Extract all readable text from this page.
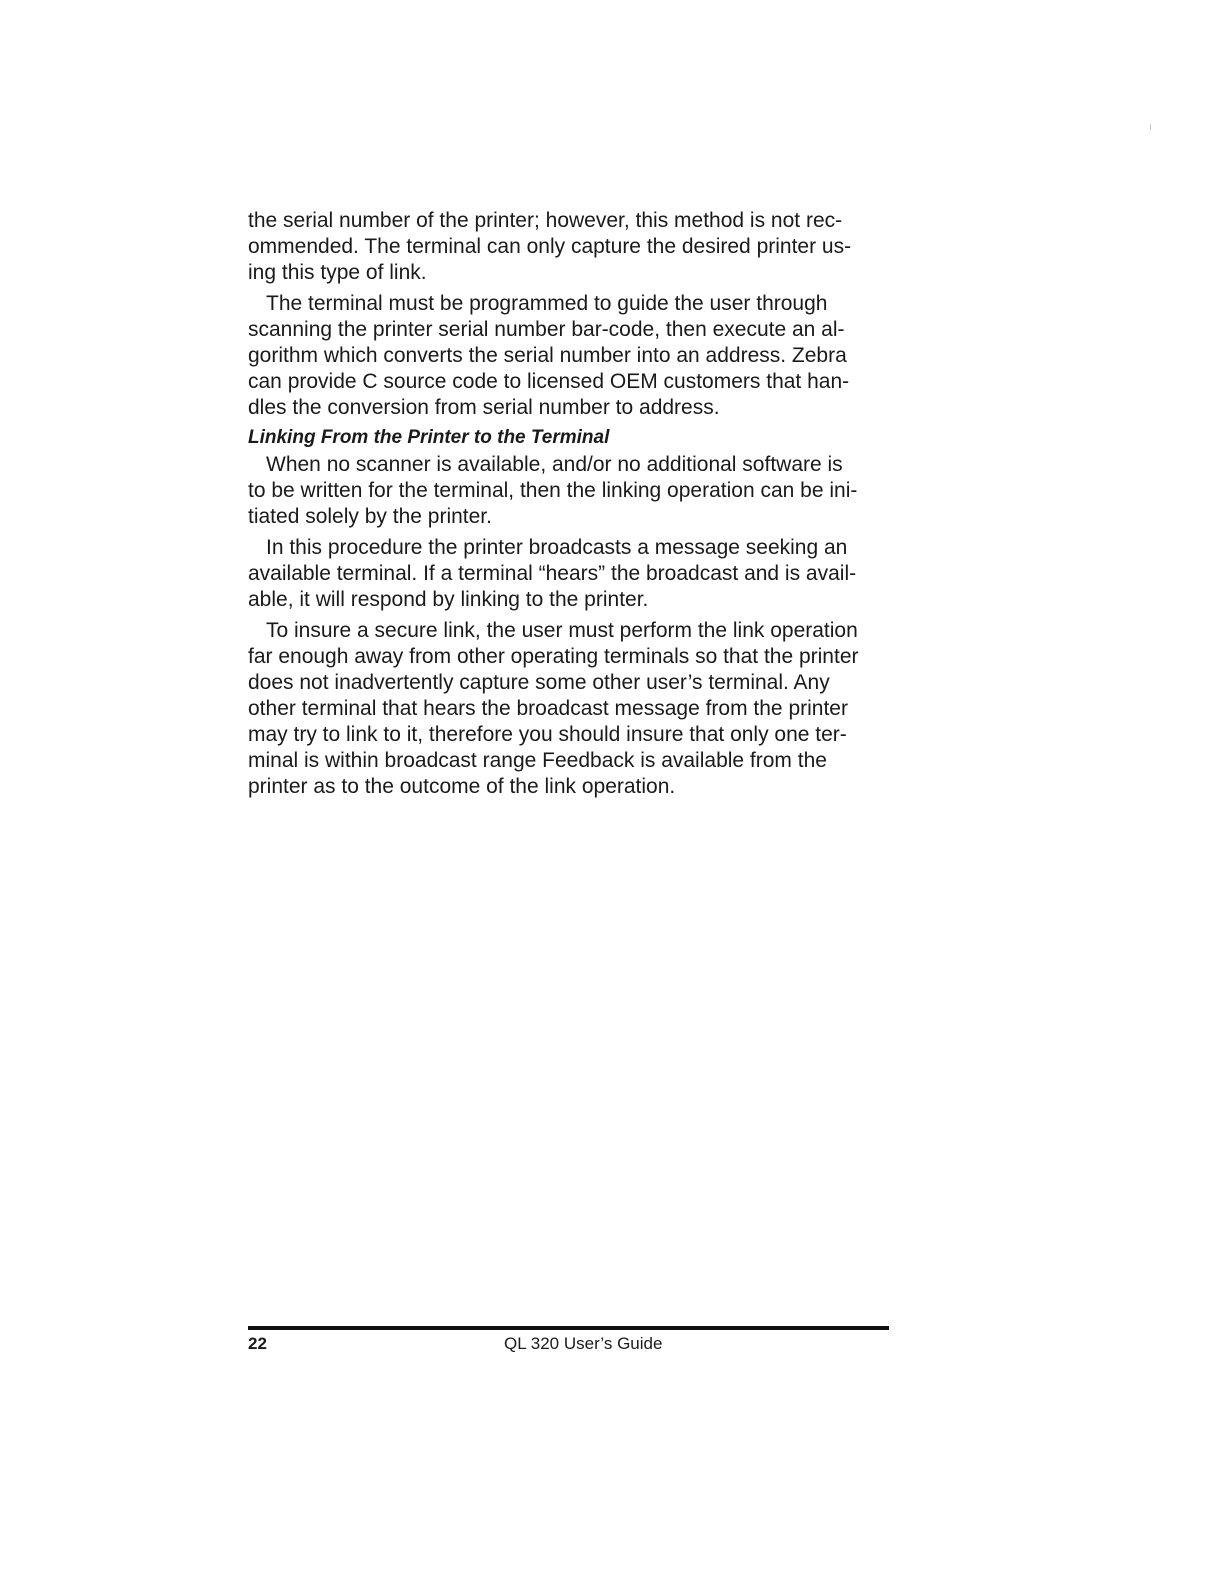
the serial number of the printer; however, this method is not rec-
ommended. The terminal can only capture the desired printer us-
ing this type of link.

The terminal must be programmed to guide the user through
scanning the printer serial number bar-code, then execute an al-
gorithm which converts the serial number into an address. Zebra
can provide C source code to licensed OEM customers that han-
dles the conversion from serial number to address.

Linking From the Printer to the Terminal

When no scanner is available, and/or no additional software is
to be written for the terminal, then the linking operation can be ini-
tiated solely by the printer.

In this procedure the printer broadcasts a message seeking an
available terminal. If a terminal “hears” the broadcast and is avail-
able, it will respond by linking to the printer.

To insure a secure link, the user must perform the link operation
far enough away from other operating terminals so that the printer
does not inadvertently capture some other user’s terminal. Any
other terminal that hears the broadcast message from the printer
may try to link to it, therefore you should insure that only one ter-
minal is within broadcast range Feedback is available from the
printer as to the outcome of the link operation.

22	QL 320 User’s Guide
